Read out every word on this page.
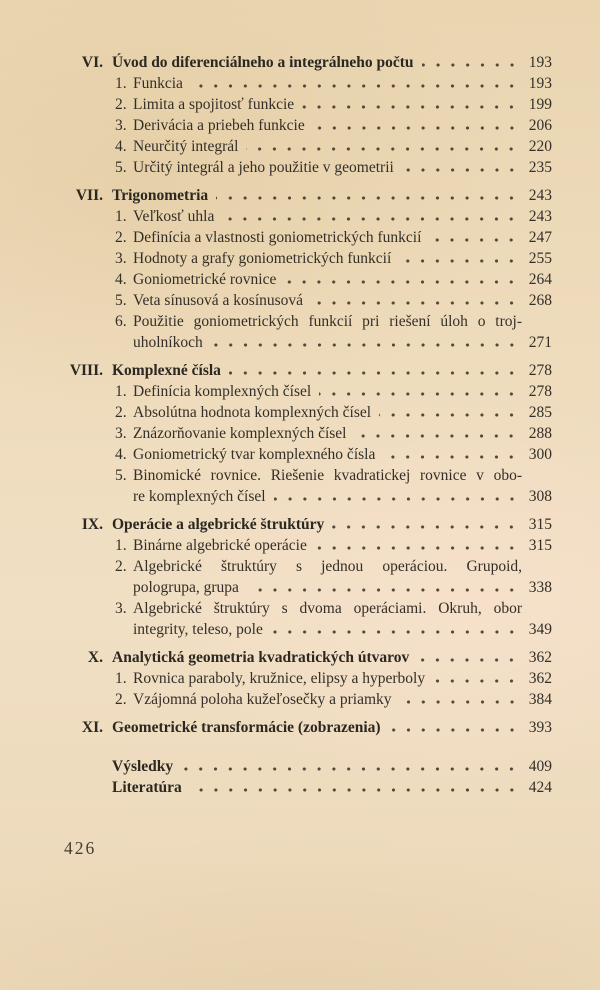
VI. Úvod do diferenciálneho a integrálneho počtu	193
1. Funkcia	193
2. Limita a spojitosť funkcie	199
3. Derivácia a priebeh funkcie	206
4. Neurčitý integrál	220
5. Určitý integrál a jeho použitie v geometrii	235
VII. Trigonometria	243
1. Veľkosť uhla	243
2. Definícia a vlastnosti goniometrických funkcií	247
3. Hodnoty a grafy goniometrických funkcií	255
4. Goniometrické rovnice	264
5. Veta sínusová a kosínusová	268
6. Použitie goniometrických funkcií pri riešení úloh o troj-
uholníkoch	271
VIII. Komplexné čísla	278
1. Definícia komplexných čísel	278
2. Absolútna hodnota komplexných čísel	285
3. Znázorňovanie komplexných čísel	288
4. Goniometrický tvar komplexného čísla	300
5. Binomické rovnice. Riešenie kvadratickej rovnice v obo-
re komplexných čísel	308
IX. Operácie a algebrické štruktúry	315
1. Binárne algebrické operácie	315
2. Algebrické štruktúry s jednou operáciou. Grupoid,
pologrupa, grupa	338
3. Algebrické štruktúry s dvoma operáciami. Okruh, obor
integrity, teleso, pole	349
X. Analytická geometria kvadratických útvarov	362
1. Rovnica paraboly, kružnice, elipsy a hyperboly	362
2. Vzájomná poloha kužeľosečky a priamky	384
XI. Geometrické transformácie (zobrazenia)	393
Výsledky	409
Literatúra	424
426
